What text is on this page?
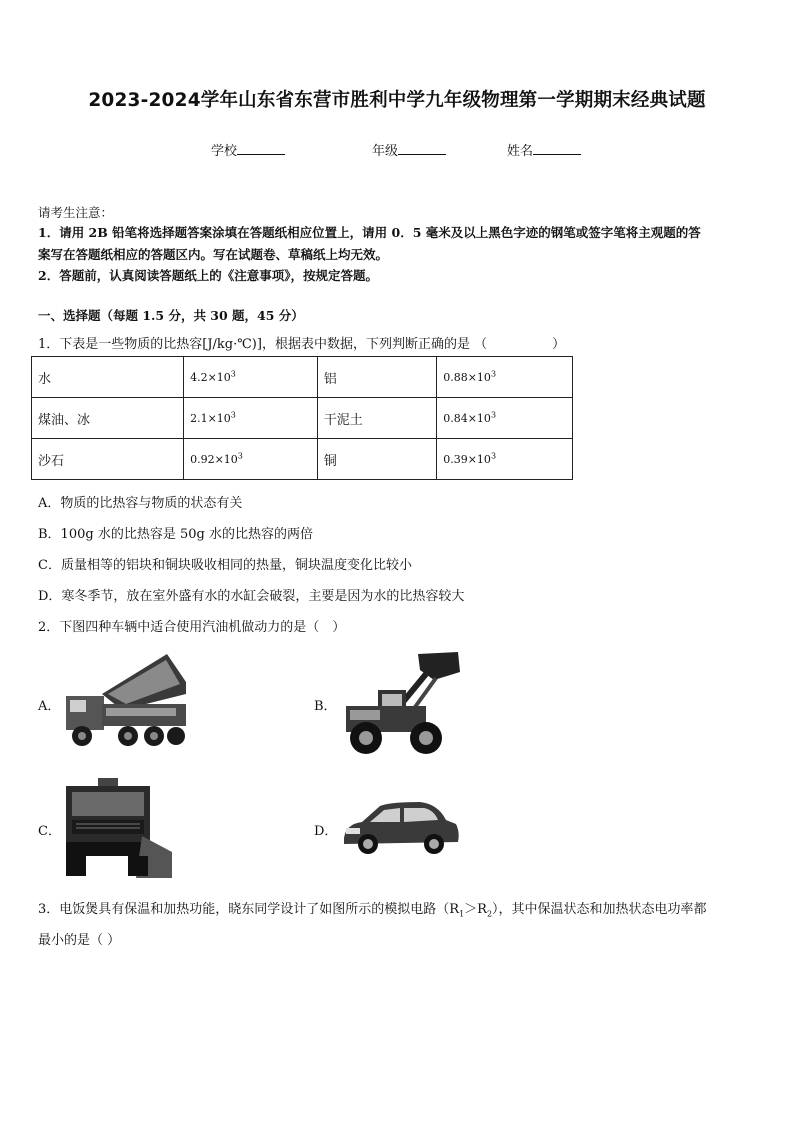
2023-2024学年山东省东营市胜利中学九年级物理第一学期期末经典试题
学校	年级	姓名
请考生注意：
1．请用 2B 铅笔将选择题答案涂填在答题纸相应位置上，请用 0．5 毫米及以上黑色字迹的钢笔或签字笔将主观题的答
案写在答题纸相应的答题区内。写在试题卷、草稿纸上均无效。
2．答题前，认真阅读答题纸上的《注意事项》，按规定答题。
一、选择题（每题 1.5 分，共 30 题，45 分）
1．下表是一些物质的比热容[J/kg·℃)]，根据表中数据，下列判断正确的是 （　　　　　）
水	$4.2\times 10^3$	铝	$0.88\times 10^3$
煤油、冰	$2.1\times 10^3$	干泥土	$0.84\times 10^3$
沙石	$0.92\times 10^3$	铜	$0.39\times 10^3$
A．物质的比热容与物质的状态有关
B．100g 水的比热容是 50g 水的比热容的两倍
C．质量相等的铝块和铜块吸收相同的热量，铜块温度变化比较小
D．寒冬季节，放在室外盛有水的水缸会破裂，主要是因为水的比热容较大
2．下图四种车辆中适合使用汽油机做动力的是（　）
A．	B．
C．	D．
3．电饭煲具有保温和加热功能，晓东同学设计了如图所示的模拟电路$(R_1>R_2)$，其中保温状态和加热状态电功率都
最小的是（ ）
